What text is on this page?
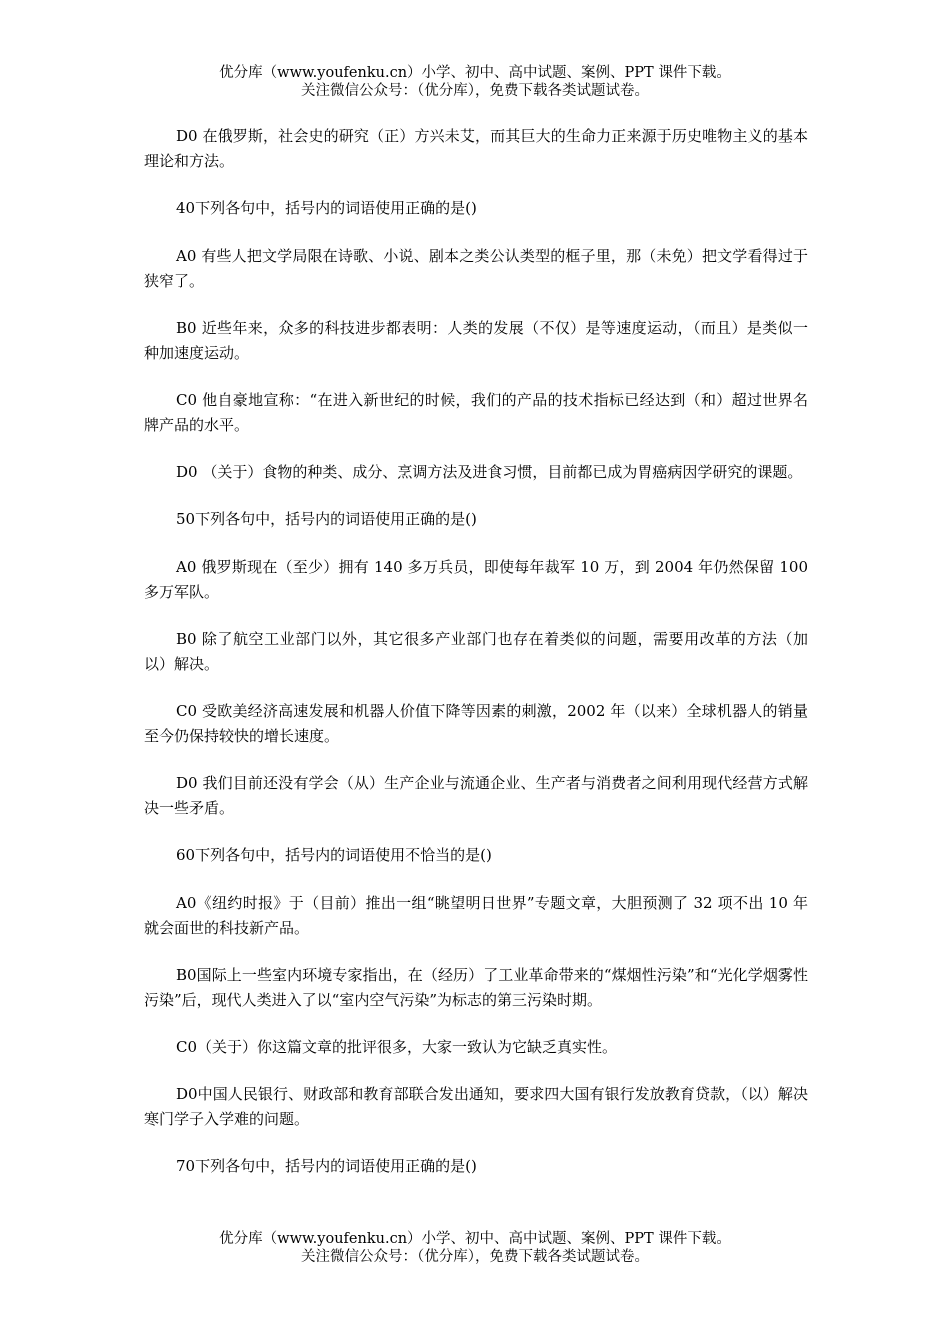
优分库（www.youfenku.cn）小学、初中、高中试题、案例、PPT 课件下载。
关注微信公众号：（优分库），免费下载各类试题试卷。

D0 在俄罗斯，社会史的研究（正）方兴未艾，而其巨大的生命力正来源于历史唯物主义的基本理论和方法。

40下列各句中，括号内的词语使用正确的是()

A0 有些人把文学局限在诗歌、小说、剧本之类公认类型的框子里，那（未免）把文学看得过于狭窄了。

B0 近些年来，众多的科技进步都表明：人类的发展（不仅）是等速度运动，（而且）是类似一种加速度运动。

C0 他自豪地宣称：“在进入新世纪的时候，我们的产品的技术指标已经达到（和）超过世界名牌产品的水平。

D0 （关于）食物的种类、成分、烹调方法及进食习惯，目前都已成为胃癌病因学研究的课题。

50下列各句中，括号内的词语使用正确的是()

A0 俄罗斯现在（至少）拥有 140 多万兵员，即使每年裁军 10 万，到 2004 年仍然保留 100 多万军队。

B0 除了航空工业部门以外，其它很多产业部门也存在着类似的问题，需要用改革的方法（加以）解决。

C0 受欧美经济高速发展和机器人价值下降等因素的刺激，2002 年（以来）全球机器人的销量至今仍保持较快的增长速度。

D0 我们目前还没有学会（从）生产企业与流通企业、生产者与消费者之间利用现代经营方式解决一些矛盾。

60下列各句中，括号内的词语使用不恰当的是()

A0《纽约时报》于（目前）推出一组“眺望明日世界”专题文章，大胆预测了 32 项不出 10 年就会面世的科技新产品。

B0国际上一些室内环境专家指出，在（经历）了工业革命带来的“煤烟性污染”和“光化学烟雾性污染”后，现代人类进入了以“室内空气污染”为标志的第三污染时期。

C0（关于）你这篇文章的批评很多，大家一致认为它缺乏真实性。

D0中国人民银行、财政部和教育部联合发出通知，要求四大国有银行发放教育贷款，（以）解决寒门学子入学难的问题。

70下列各句中，括号内的词语使用正确的是()

优分库（www.youfenku.cn）小学、初中、高中试题、案例、PPT 课件下载。
关注微信公众号：（优分库），免费下载各类试题试卷。
